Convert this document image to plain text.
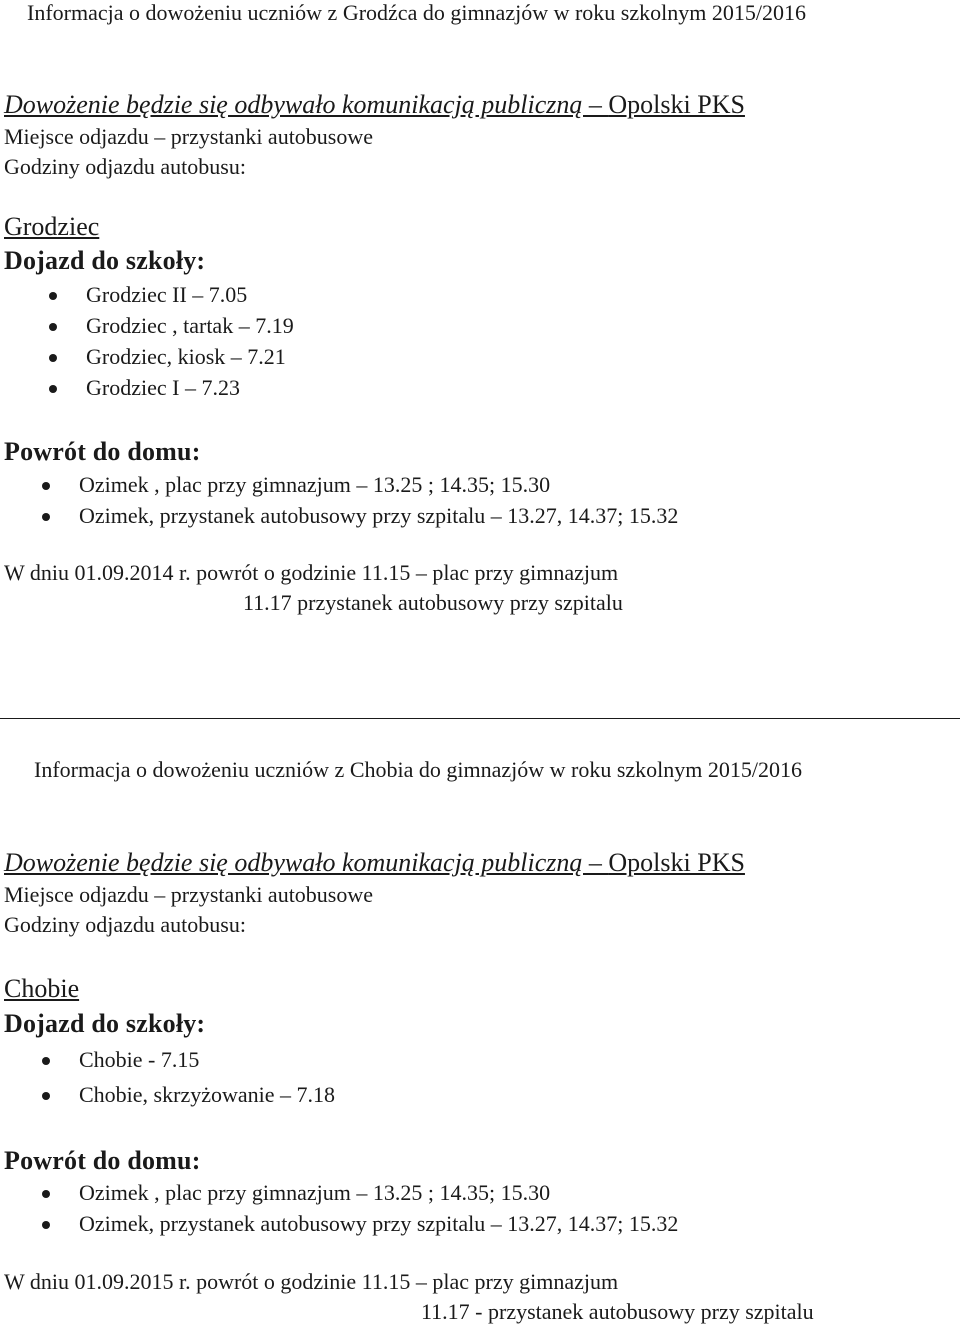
Informacja o dowożeniu uczniów z Grodźca do gimnazjów w roku szkolnym 2015/2016
Dowożenie będzie się odbywało komunikacją publiczną – Opolski PKS
Miejsce odjazdu – przystanki autobusowe
Godziny odjazdu autobusu:
Grodziec
Dojazd do szkoły:
Grodziec II – 7.05
Grodziec , tartak – 7.19
Grodziec, kiosk – 7.21
Grodziec I – 7.23
Powrót do domu:
Ozimek , plac przy gimnazjum – 13.25 ; 14.35; 15.30
Ozimek, przystanek autobusowy przy szpitalu – 13.27, 14.37; 15.32
W dniu 01.09.2014 r. powrót o godzinie 11.15 – plac przy gimnazjum
11.17 przystanek autobusowy przy szpitalu
Informacja o dowożeniu uczniów z Chobia do gimnazjów w roku szkolnym 2015/2016
Dowożenie będzie się odbywało komunikacją publiczną – Opolski PKS
Miejsce odjazdu – przystanki autobusowe
Godziny odjazdu autobusu:
Chobie
Dojazd do szkoły:
Chobie - 7.15
Chobie, skrzyżowanie – 7.18
Powrót do domu:
Ozimek , plac przy gimnazjum – 13.25 ; 14.35; 15.30
Ozimek, przystanek autobusowy przy szpitalu – 13.27, 14.37; 15.32
W dniu 01.09.2015 r. powrót o godzinie 11.15 – plac przy gimnazjum
11.17 - przystanek autobusowy przy szpitalu
